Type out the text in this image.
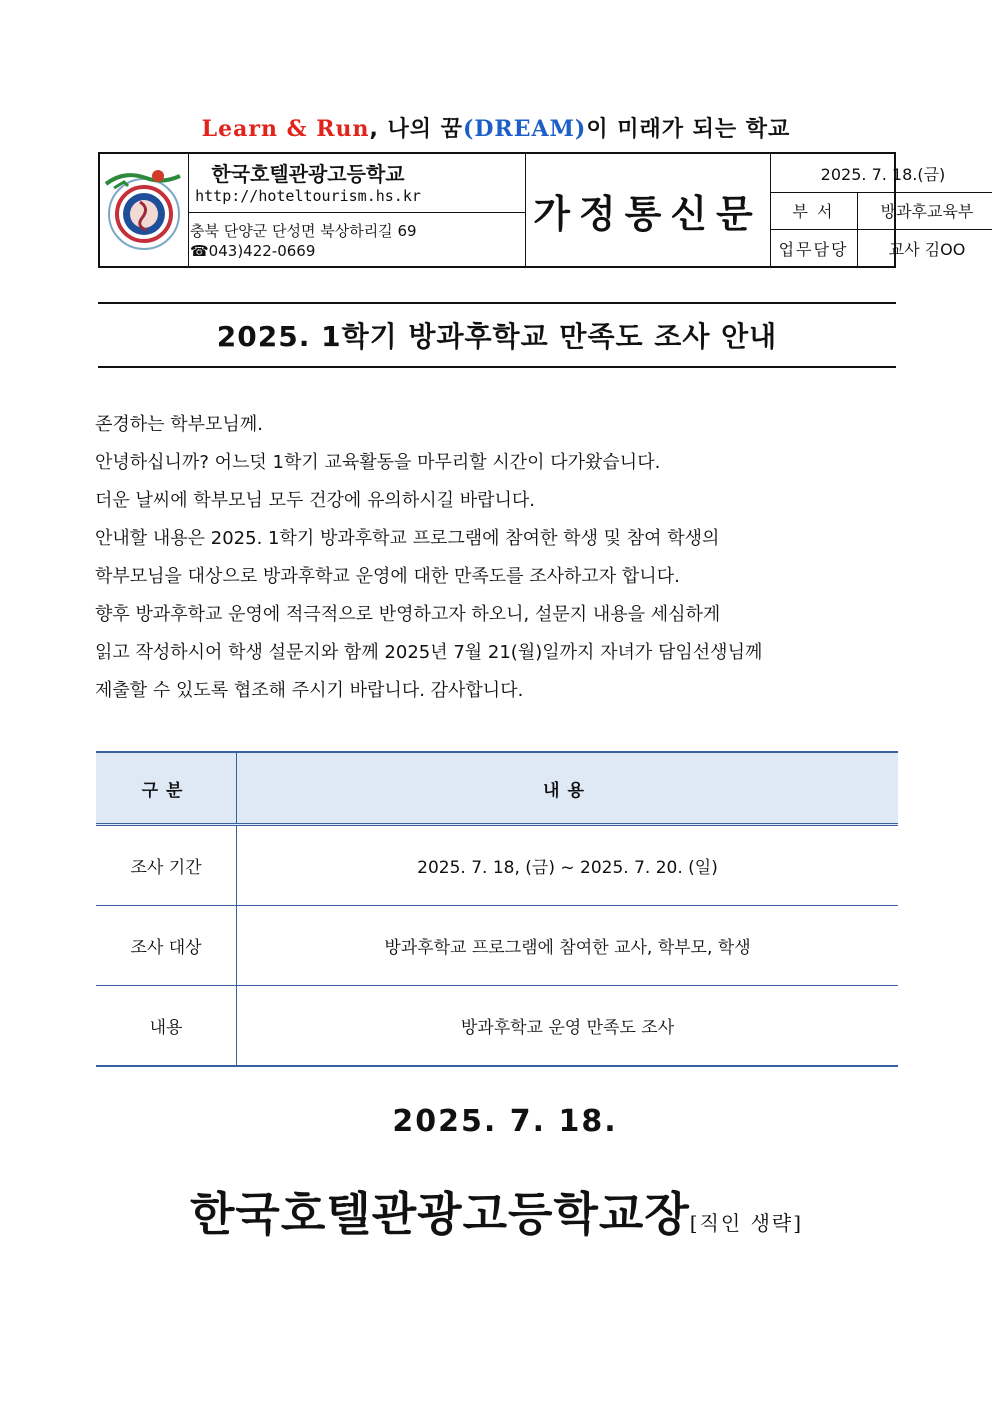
Learn & Run, 나의 꿈(DREAM)이 미래가 되는 학교
한국호텔관광고등학교
http://hoteltourism.hs.kr
충북 단양군 단성면 북상하리길 69
☎043)422-0669
가정통신문
2025. 7. 18.(금)
부 서	방과후교육부
업무담당	교사 김OO
2025. 1학기 방과후학교 만족도 조사 안내

존경하는 학부모님께.

안녕하십니까? 어느덧 1학기 교육활동을 마무리할 시간이 다가왔습니다.

더운 날씨에 학부모님 모두 건강에 유의하시길 바랍니다.

안내할 내용은 2025. 1학기 방과후학교 프로그램에 참여한 학생 및 참여 학생의

학부모님을 대상으로 방과후학교 운영에 대한 만족도를 조사하고자 합니다.

향후 방과후학교 운영에 적극적으로 반영하고자 하오니, 설문지 내용을 세심하게

읽고 작성하시어 학생 설문지와 함께 2025년 7월 21(월)일까지 자녀가 담임선생님께

제출할 수 있도록 협조해 주시기 바랍니다. 감사합니다.

구분	내용
조사 기간	2025. 7. 18, (금) ~ 2025. 7. 20. (일)
조사 대상	방과후학교 프로그램에 참여한 교사, 학부모, 학생
내용	방과후학교 운영 만족도 조사
2025. 7. 18.
한국호텔관광고등학교장[직인 생략]
